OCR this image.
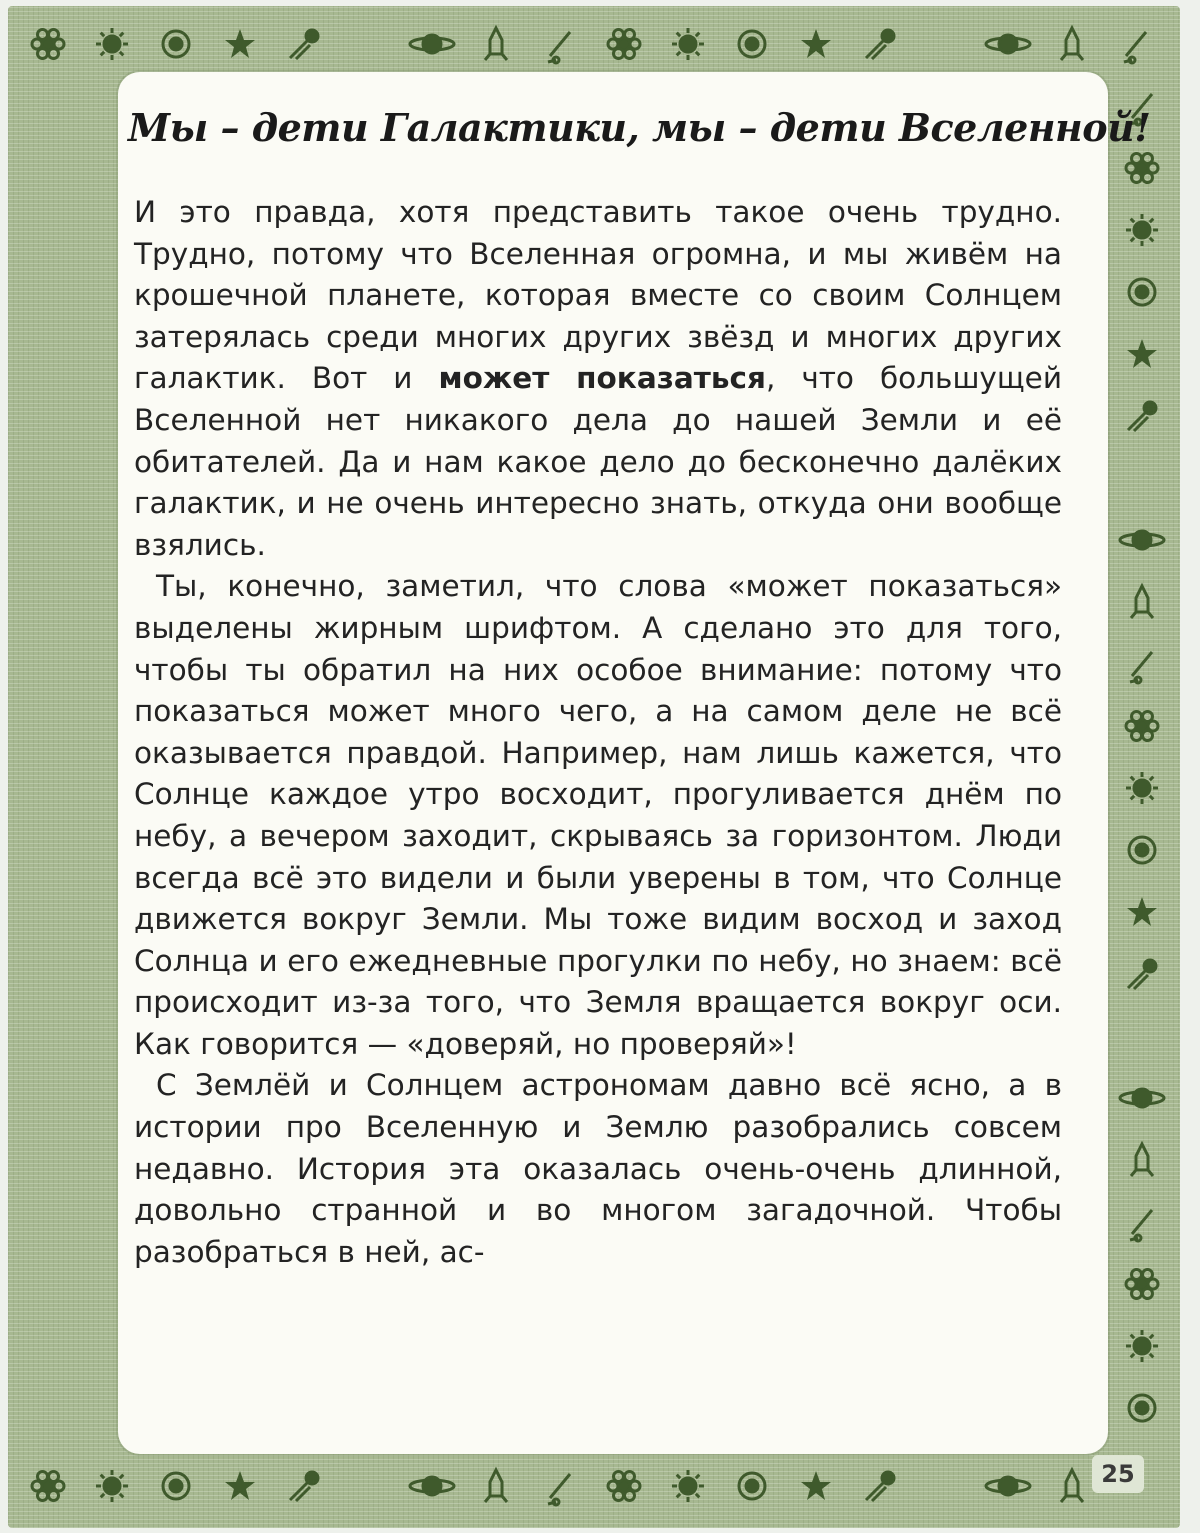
Мы – дети Галактики, мы – дети Вселенной!

И это правда, хотя представить такое очень трудно. Трудно, потому что Вселенная огромна, и мы живём на крошечной планете, которая вместе со своим Солнцем затерялась среди многих других звёзд и многих других галактик. Вот и может показаться, что большущей Вселенной нет никакого дела до нашей Земли и её обитателей. Да и нам какое дело до бесконечно далёких галактик, и не очень интересно знать, откуда они вообще взялись.

Ты, конечно, заметил, что слова «может показаться» выделены жирным шрифтом. А сделано это для того, чтобы ты обратил на них особое внимание: потому что показаться может много чего, а на самом деле не всё оказывается правдой. Например, нам лишь кажется, что Солнце каждое утро восходит, прогуливается днём по небу, а вечером заходит, скрываясь за горизонтом. Люди всегда всё это видели и были уверены в том, что Солнце движется вокруг Земли. Мы тоже видим восход и заход Солнца и его ежедневные прогулки по небу, но знаем: всё происходит из-за того, что Земля вращается вокруг оси. Как говорится — «доверяй, но проверяй»!

С Землёй и Солнцем астрономам давно всё ясно, а в истории про Вселенную и Землю разобрались совсем недавно. История эта оказалась очень-очень длинной, довольно странной и во многом загадочной. Чтобы разобраться в ней, ас-

25
